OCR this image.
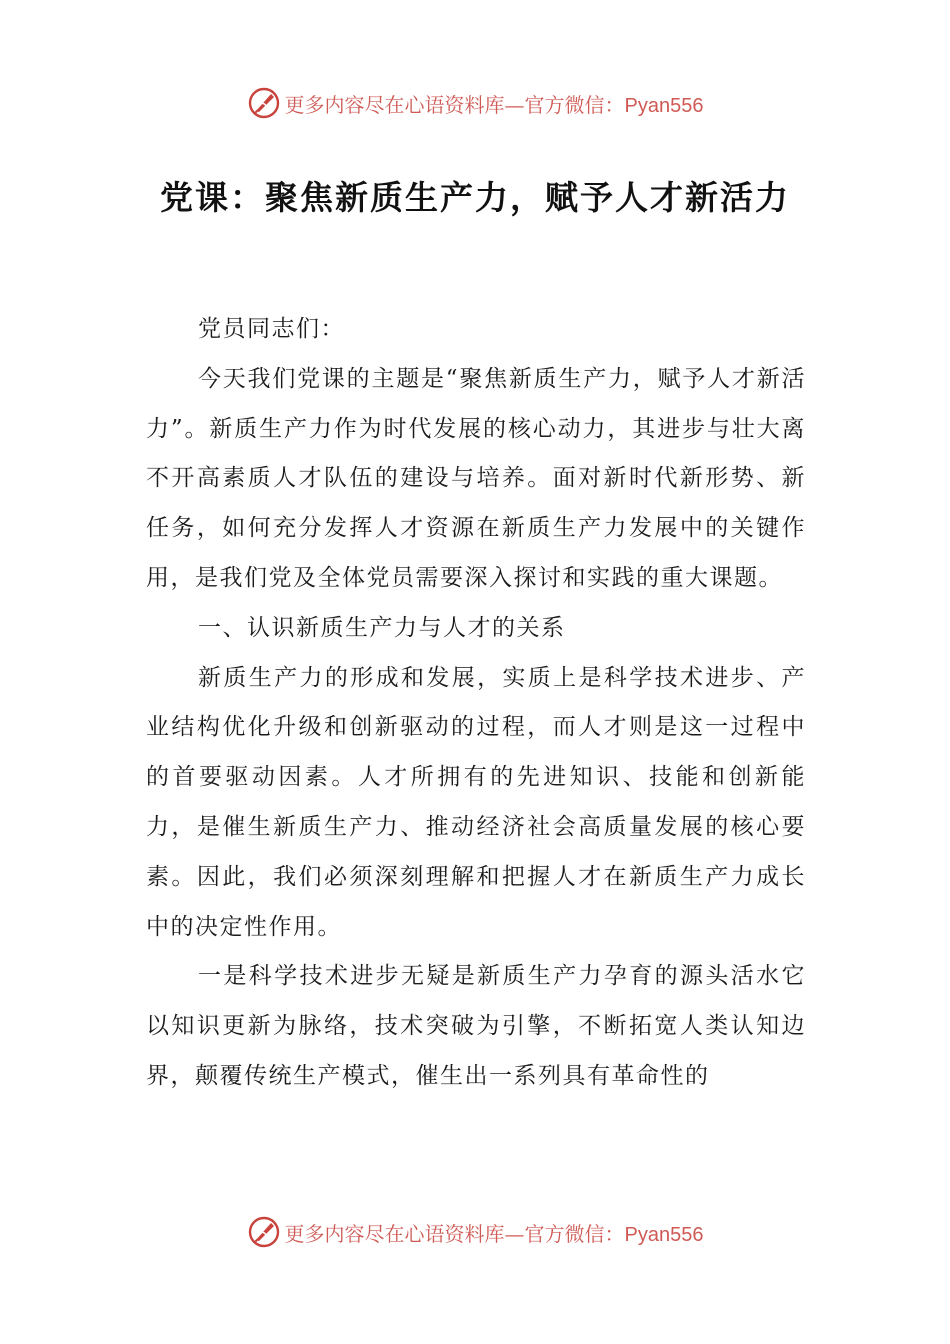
更多内容尽在心语资料库—官方微信：Pyan556
党课：聚焦新质生产力，赋予人才新活力

党员同志们：

今天我们党课的主题是“聚焦新质生产力，赋予人才新活力”。新质生产力作为时代发展的核心动力，其进步与壮大离不开高素质人才队伍的建设与培养。面对新时代新形势、新任务，如何充分发挥人才资源在新质生产力发展中的关键作用，是我们党及全体党员需要深入探讨和实践的重大课题。

一、认识新质生产力与人才的关系

新质生产力的形成和发展，实质上是科学技术进步、产业结构优化升级和创新驱动的过程，而人才则是这一过程中的首要驱动因素。人才所拥有的先进知识、技能和创新能力，是催生新质生产力、推动经济社会高质量发展的核心要素。因此，我们必须深刻理解和把握人才在新质生产力成长中的决定性作用。

一是科学技术进步无疑是新质生产力孕育的源头活水它以知识更新为脉络，技术突破为引擎，不断拓宽人类认知边界，颠覆传统生产模式，催生出一系列具有革命性的

更多内容尽在心语资料库—官方微信：Pyan556
